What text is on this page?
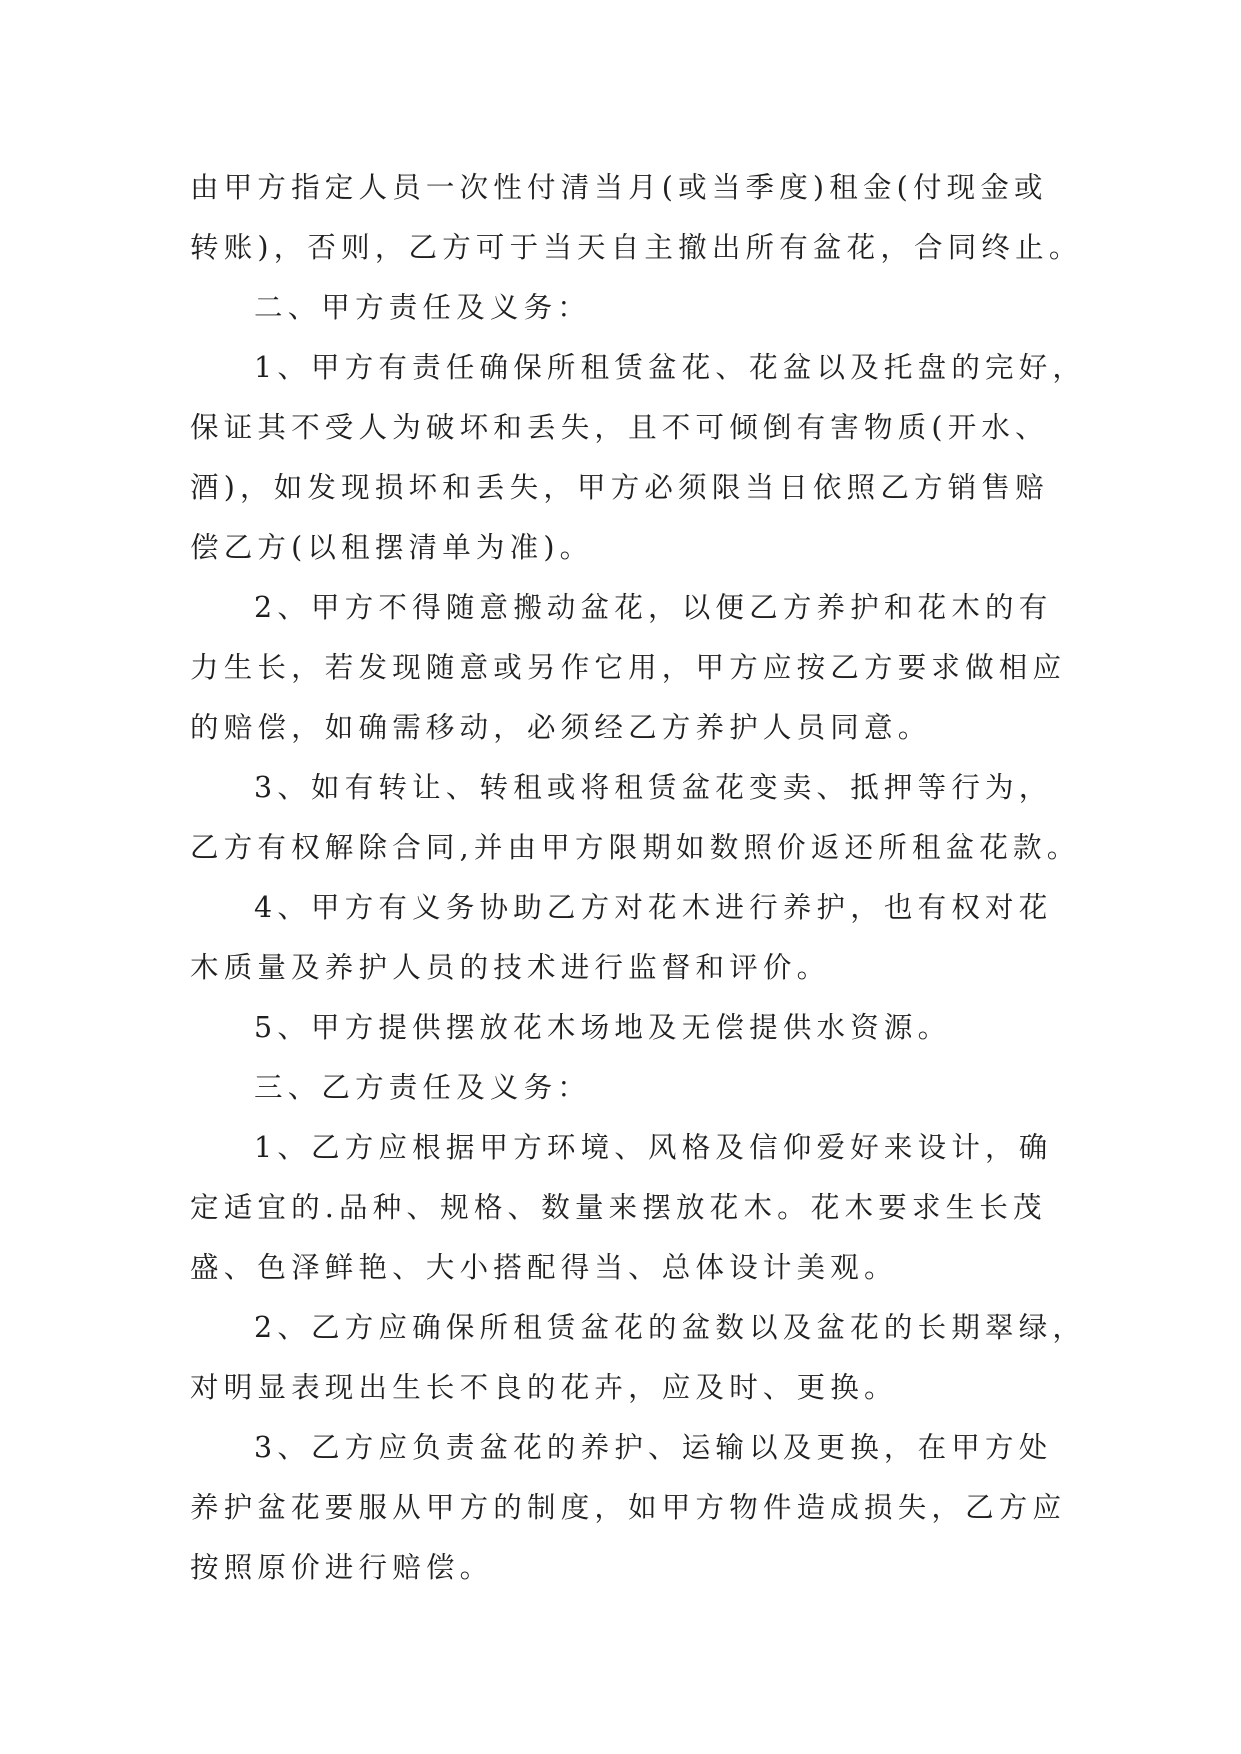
由甲方指定人员一次性付清当月(或当季度)租金(付现金或

转账)，否则，乙方可于当天自主撤出所有盆花，合同终止。

二、甲方责任及义务：

1、甲方有责任确保所租赁盆花、花盆以及托盘的完好，

保证其不受人为破坏和丢失，且不可倾倒有害物质(开水、

酒)，如发现损坏和丢失，甲方必须限当日依照乙方销售赔

偿乙方(以租摆清单为准)。

2、甲方不得随意搬动盆花，以便乙方养护和花木的有

力生长，若发现随意或另作它用，甲方应按乙方要求做相应

的赔偿，如确需移动，必须经乙方养护人员同意。

3、如有转让、转租或将租赁盆花变卖、抵押等行为，

乙方有权解除合同,并由甲方限期如数照价返还所租盆花款。

4、甲方有义务协助乙方对花木进行养护，也有权对花

木质量及养护人员的技术进行监督和评价。

5、甲方提供摆放花木场地及无偿提供水资源。

三、乙方责任及义务：

1、乙方应根据甲方环境、风格及信仰爱好来设计，确

定适宜的.品种、规格、数量来摆放花木。花木要求生长茂

盛、色泽鲜艳、大小搭配得当、总体设计美观。

2、乙方应确保所租赁盆花的盆数以及盆花的长期翠绿，

对明显表现出生长不良的花卉，应及时、更换。

3、乙方应负责盆花的养护、运输以及更换，在甲方处

养护盆花要服从甲方的制度，如甲方物件造成损失，乙方应

按照原价进行赔偿。
